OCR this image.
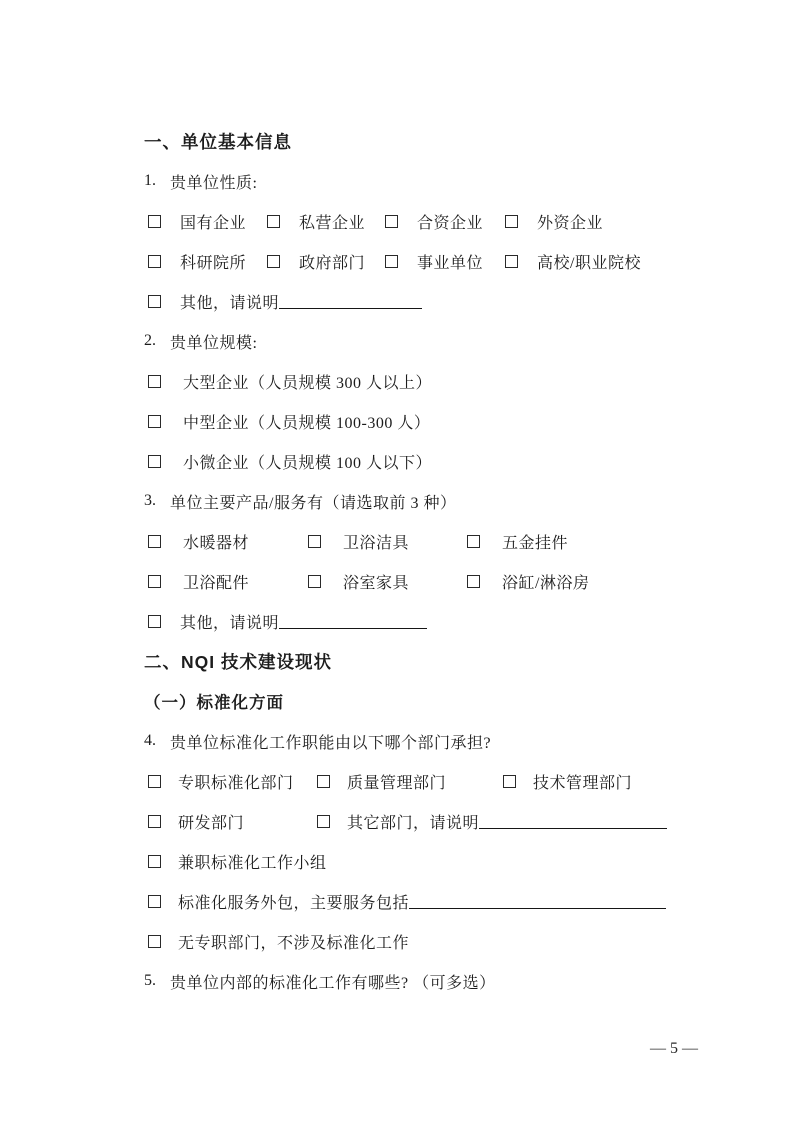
一、单位基本信息
1. 贵单位性质:
国有企业	私营企业	合资企业	外资企业
科研院所	政府部门	事业单位	高校/职业院校
其他，请说明
2. 贵单位规模:
大型企业（人员规模 300 人以上）
中型企业（人员规模 100-300 人）
小微企业（人员规模 100 人以下）
3. 单位主要产品/服务有（请选取前 3 种）
水暖器材	卫浴洁具	五金挂件
卫浴配件	浴室家具	浴缸/淋浴房
其他，请说明
二、NQI 技术建设现状
（一）标准化方面
4. 贵单位标准化工作职能由以下哪个部门承担?
专职标准化部门	质量管理部门	技术管理部门
研发部门	其它部门，请说明
兼职标准化工作小组
标准化服务外包，主要服务包括
无专职部门，不涉及标准化工作
5. 贵单位内部的标准化工作有哪些? （可多选）
— 5 —
